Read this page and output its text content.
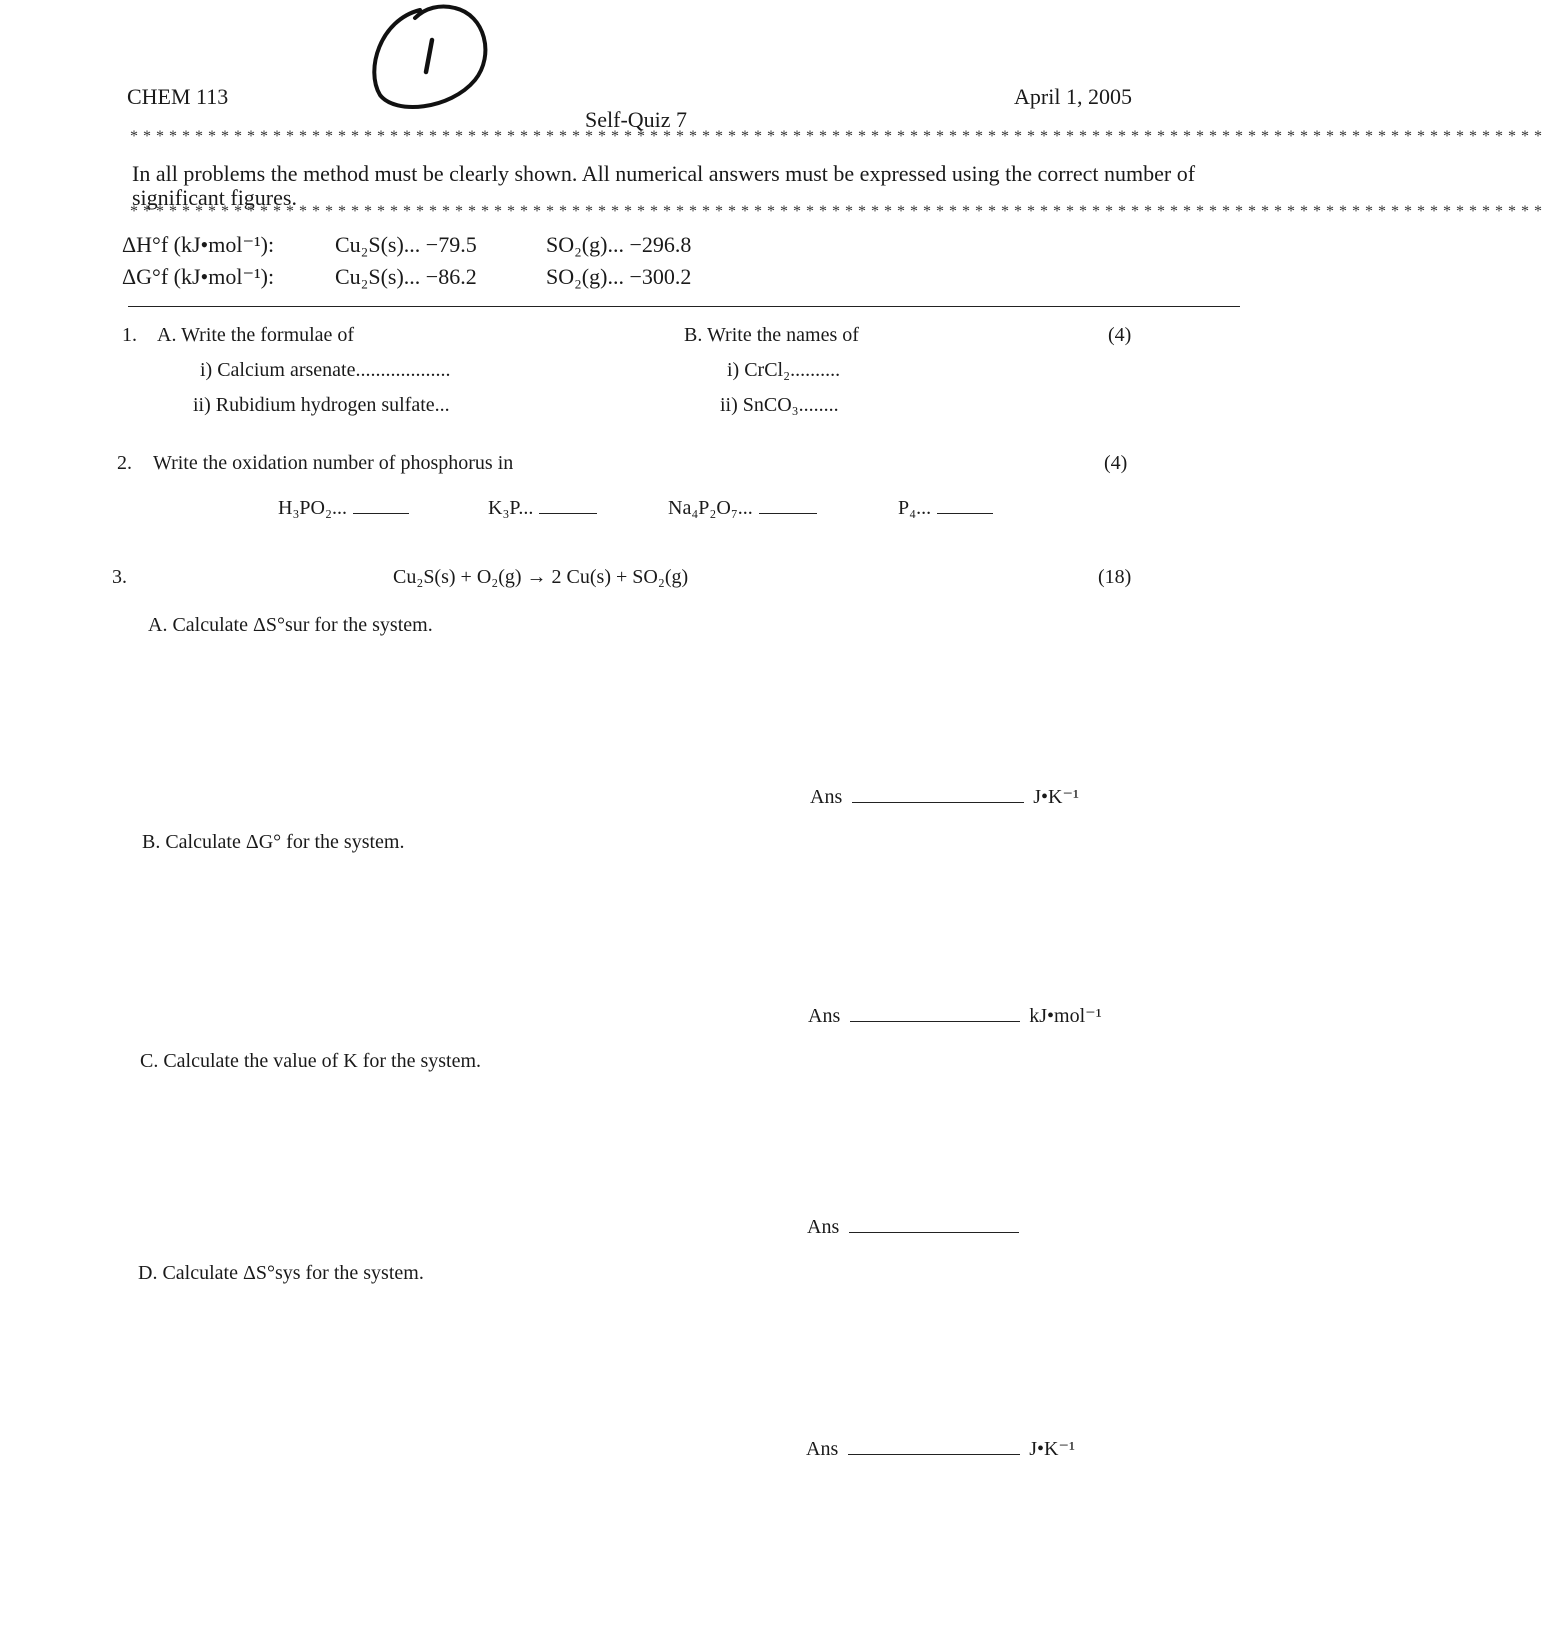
CHEM 113
Self-Quiz 7
April 1, 2005
* * * * * * * * * * * * * * * * * * * * * * * * * * * * * * * * * * * * * * * * * * * * * * * * * * * * * * * * * * * * * * * * * * * * * * * * * * * * * * * * * * * * * * * * * * * * * * * * * * * * * * * * * * * * *
In all problems the method must be clearly shown. All numerical answers must be expressed using the correct number of significant figures.
* * * * * * * * * * * * * * * * * * * * * * * * * * * * * * * * * * * * * * * * * * * * * * * * * * * * * * * * * * * * * * * * * * * * * * * * * * * * * * * * * * * * * * * * * * * * * * * * * * * * * * * * * * * * *
ΔH°f (kJ•mol⁻¹):	Cu₂S(s)... −79.5	SO₂(g)... −296.8
ΔG°f (kJ•mol⁻¹):	Cu₂S(s)... −86.2	SO₂(g)... −300.2
1. A. Write the formulae of
i) Calcium arsenate...................
ii) Rubidium hydrogen sulfate...
B. Write the names of
i) CrCl₂..........
ii) SnCO₃........
(4)
2. Write the oxidation number of phosphorus in	(4)
H₃PO₂...	K₃P...	Na₄P₂O₇...	P₄...
3.	Cu₂S(s) + O₂(g) → 2 Cu(s) + SO₂(g)	(18)
A. Calculate ΔS°sur for the system.
Ans	J•K⁻¹
B. Calculate ΔG° for the system.
Ans	kJ•mol⁻¹
C. Calculate the value of K for the system.
Ans
D. Calculate ΔS°sys for the system.
Ans	J•K⁻¹
